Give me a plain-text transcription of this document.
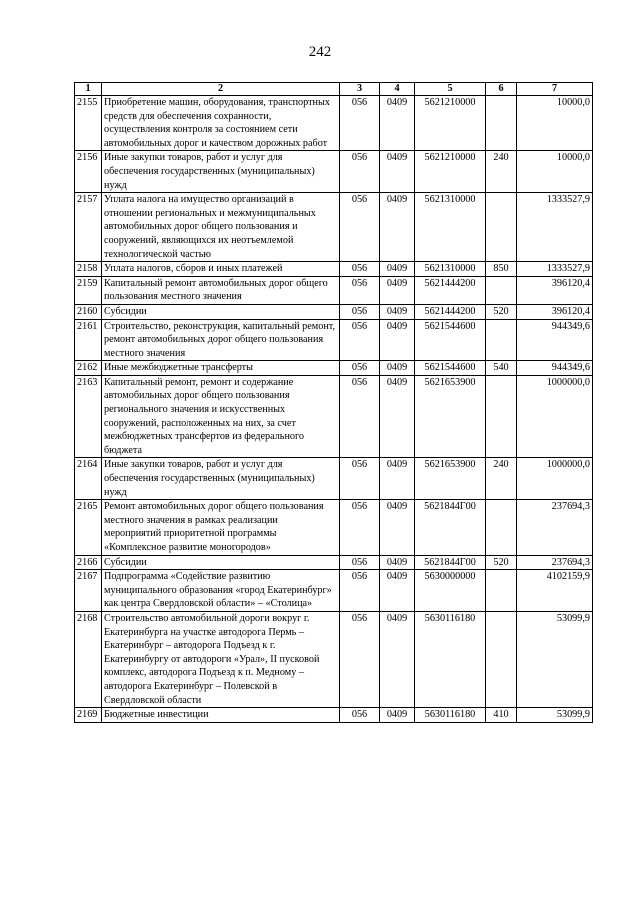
242
1	2	3	4	5	6	7
2155	Приобретение машин, оборудования, транспортных средств для обеспечения сохранности, осуществления контроля за состоянием сети автомобильных дорог и качеством дорожных работ	056	0409	5621210000		10000,0
2156	Иные закупки товаров, работ и услуг для обеспечения государственных (муниципальных) нужд	056	0409	5621210000	240	10000,0
2157	Уплата налога на имущество организаций в отношении региональных и межмуниципальных автомобильных дорог общего пользования и сооружений, являющихся их неотъемлемой технологической частью	056	0409	5621310000		1333527,9
2158	Уплата налогов, сборов и иных платежей	056	0409	5621310000	850	1333527,9
2159	Капитальный ремонт автомобильных дорог общего пользования местного значения	056	0409	5621444200		396120,4
2160	Субсидии	056	0409	5621444200	520	396120,4
2161	Строительство, реконструкция, капитальный ремонт, ремонт автомобильных дорог общего пользования местного значения	056	0409	5621544600		944349,6
2162	Иные межбюджетные трансферты	056	0409	5621544600	540	944349,6
2163	Капитальный ремонт, ремонт и содержание автомобильных дорог общего пользования регионального значения и искусственных сооружений, расположенных на них, за счет межбюджетных трансфертов из федерального бюджета	056	0409	5621653900		1000000,0
2164	Иные закупки товаров, работ и услуг для обеспечения государственных (муниципальных) нужд	056	0409	5621653900	240	1000000,0
2165	Ремонт автомобильных дорог общего пользования местного значения в рамках реализации мероприятий приоритетной программы «Комплексное развитие моногородов»	056	0409	5621844Г00		237694,3
2166	Субсидии	056	0409	5621844Г00	520	237694,3
2167	Подпрограмма «Содействие развитию муниципального образования «город Екатеринбург» как центра Свердловской области» – «Столица»	056	0409	5630000000		4102159,9
2168	Строительство автомобильной дороги вокруг г. Екатеринбурга на участке автодорога Пермь – Екатеринбург – автодорога Подъезд к г. Екатеринбургу от автодороги «Урал», II пусковой комплекс, автодорога Подъезд к п. Медному – автодорога Екатеринбург – Полевской в Свердловской области	056	0409	5630116180		53099,9
2169	Бюджетные инвестиции	056	0409	5630116180	410	53099,9
